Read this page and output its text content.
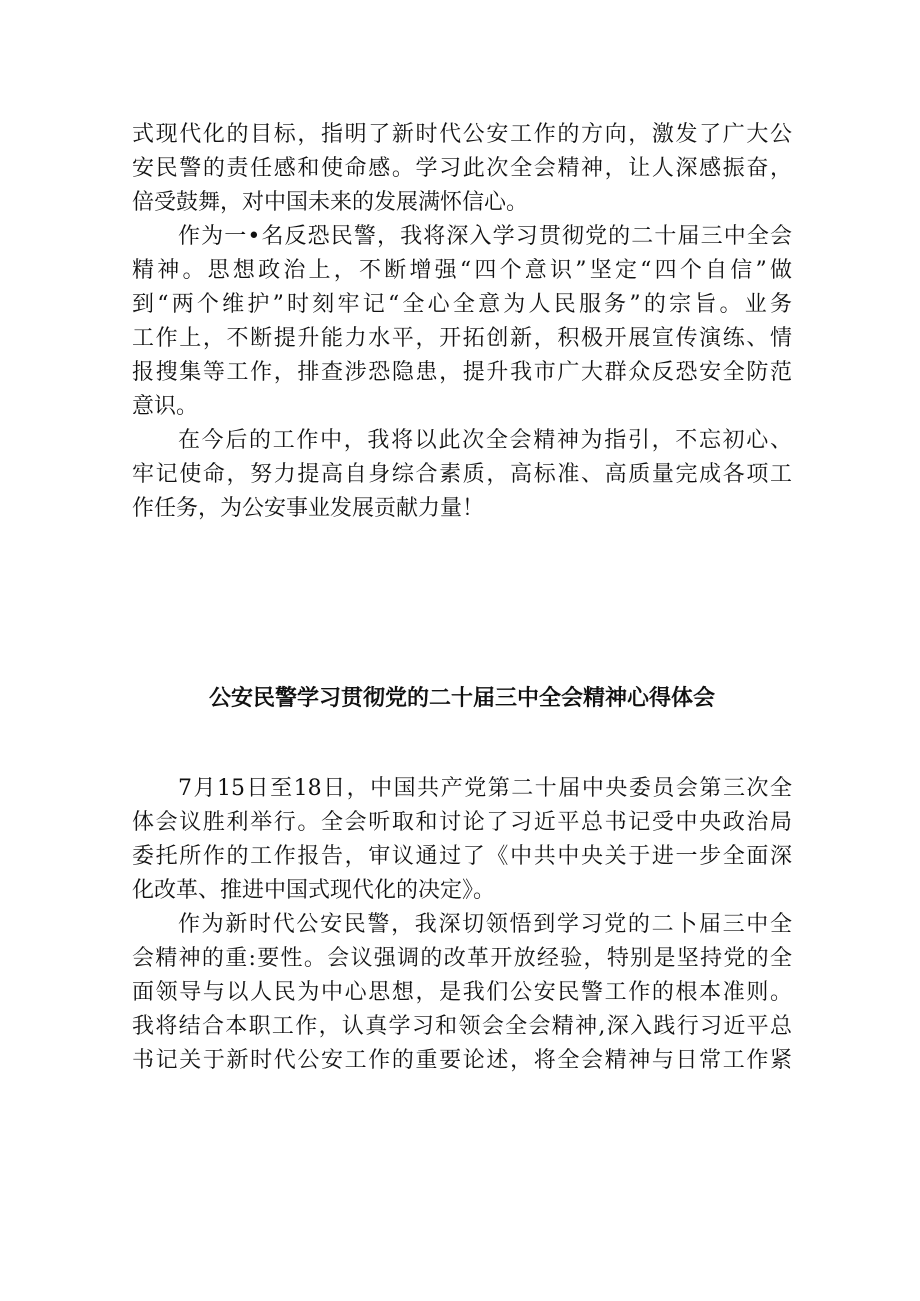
式现代化的目标，指明了新时代公安工作的方向，激发了广大公
安民警的责任感和使命感。学习此次全会精神，让人深感振奋，
倍受鼓舞，对中国未来的发展满怀信心。
作为一•名反恐民警，我将深入学习贯彻党的二十届三中全会
精神。思想政治上，不断增强“四个意识”坚定“四个自信”做
到“两个维护”时刻牢记“全心全意为人民服务”的宗旨。业务
工作上，不断提升能力水平，开拓创新，积极开展宣传演练、情
报搜集等工作，排查涉恐隐患，提升我市广大群众反恐安全防范
意识。
在今后的工作中，我将以此次全会精神为指引，不忘初心、
牢记使命，努力提高自身综合素质，高标准、高质量完成各项工
作任务，为公安事业发展贡献力量！
公安民警学习贯彻党的二十届三中全会精神心得体会
7月15日至18日，中国共产党第二十届中央委员会第三次全
体会议胜利举行。全会听取和讨论了习近平总书记受中央政治局
委托所作的工作报告，审议通过了《中共中央关于进一步全面深
化改革、推进中国式现代化的决定》。
作为新时代公安民警，我深切领悟到学习党的二卜届三中全
会精神的重:要性。会议强调的改革开放经验，特别是坚持党的全
面领导与以人民为中心思想，是我们公安民警工作的根本准则。
我将结合本职工作，认真学习和领会全会精神,深入践行习近平总
书记关于新时代公安工作的重要论述，将全会精神与日常工作紧
